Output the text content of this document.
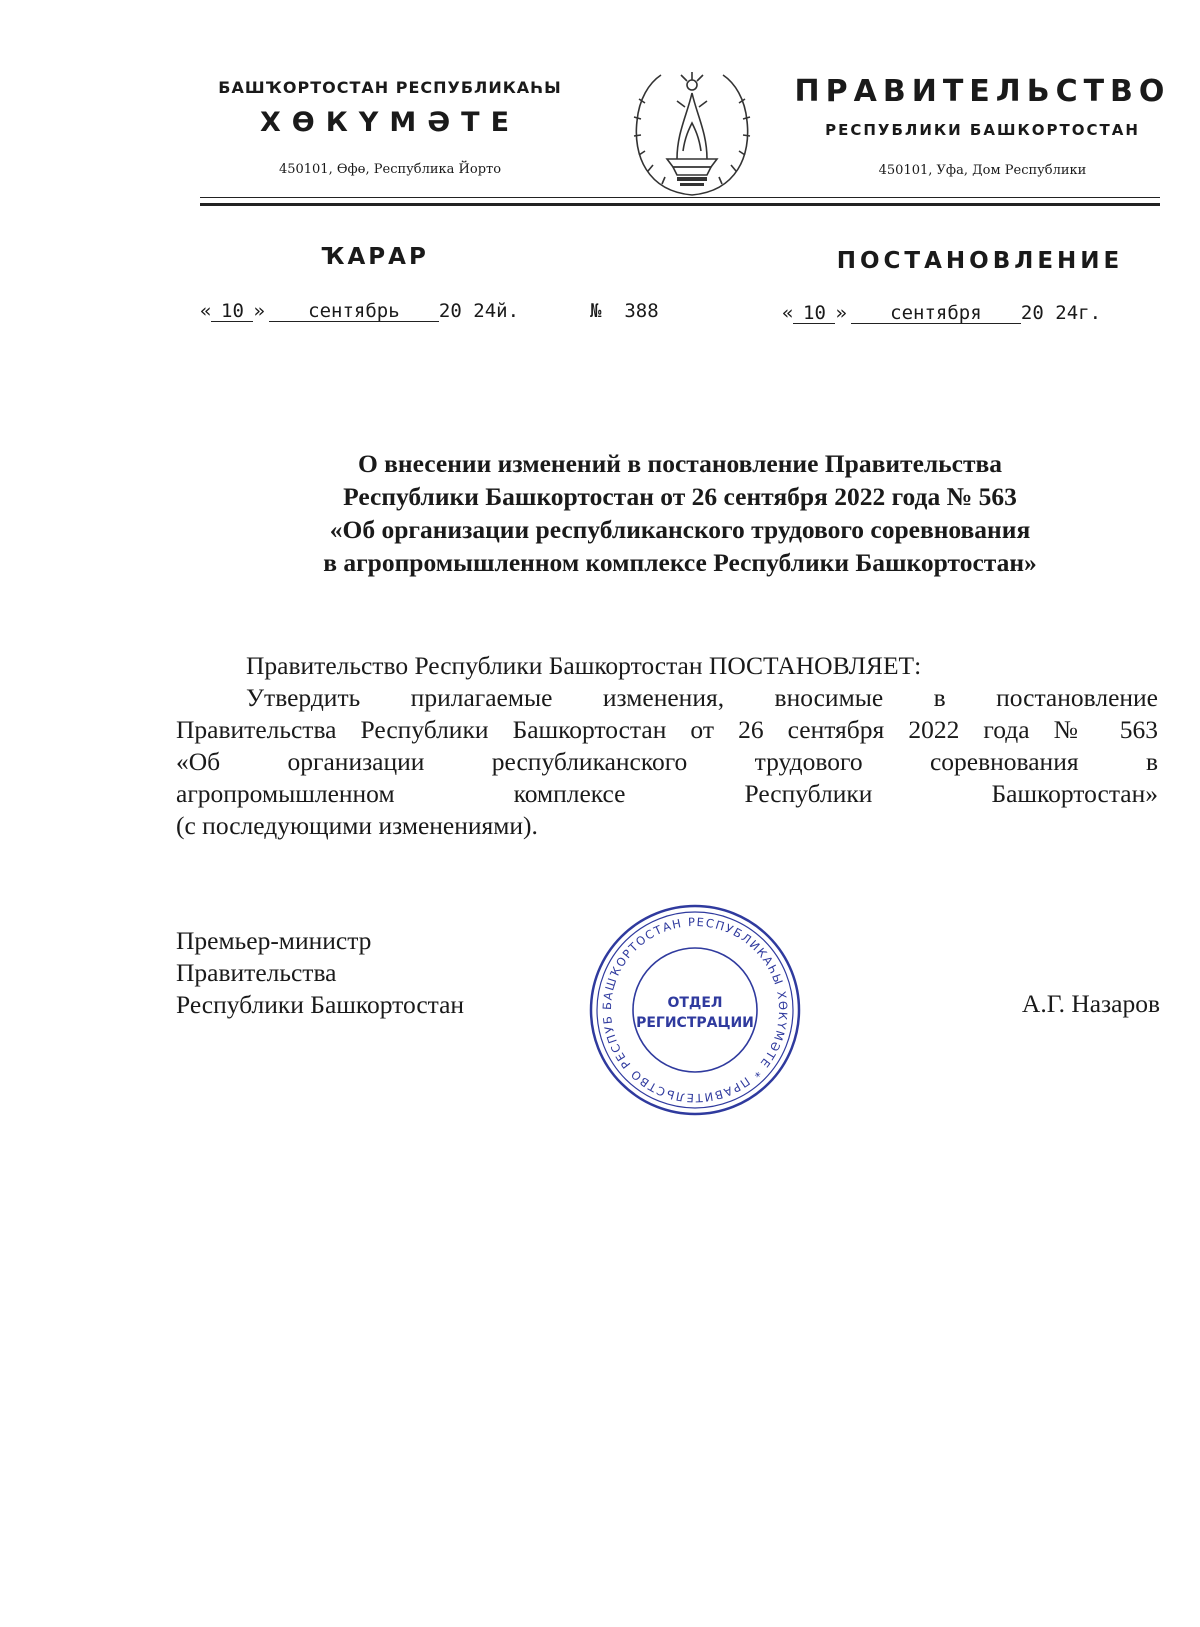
БАШҠОРТОСТАН РЕСПУБЛИКАҺЫ
ХӨКҮМӘТЕ
450101, Өфө, Республика Йорто
ПРАВИТЕЛЬСТВО
РЕСПУБЛИКИ БАШКОРТОСТАН
450101, Уфа, Дом Республики
ҠАРАР	ПОСТАНОВЛЕНИЕ
« 10 » сентябрь 20 24й.	№ 388	« 10 » сентября 20 24г.
О внесении изменений в постановление Правительства
Республики Башкортостан от 26 сентября 2022 года № 563
«Об организации республиканского трудового соревнования
в агропромышленном комплексе Республики Башкортостан»

Правительство Республики Башкортостан ПОСТАНОВЛЯЕТ:

Утвердить прилагаемые изменения, вносимые в постановление

Правительства Республики Башкортостан от 26 сентября 2022 года № 563

«Об организации республиканского трудового соревнования в

агропромышленном комплексе Республики Башкортостан»

(с последующими изменениями).

Премьер-министр
Правительства
Республики Башкортостан	А.Г. Назаров
БАШҠОРТОСТАН РЕСПУБЛИКАҺЫ ХӨКҮМӘТЕ * ПРАВИТЕЛЬСТВО РЕСПУБ
ОТДЕЛ
РЕГИСТРАЦИИ
